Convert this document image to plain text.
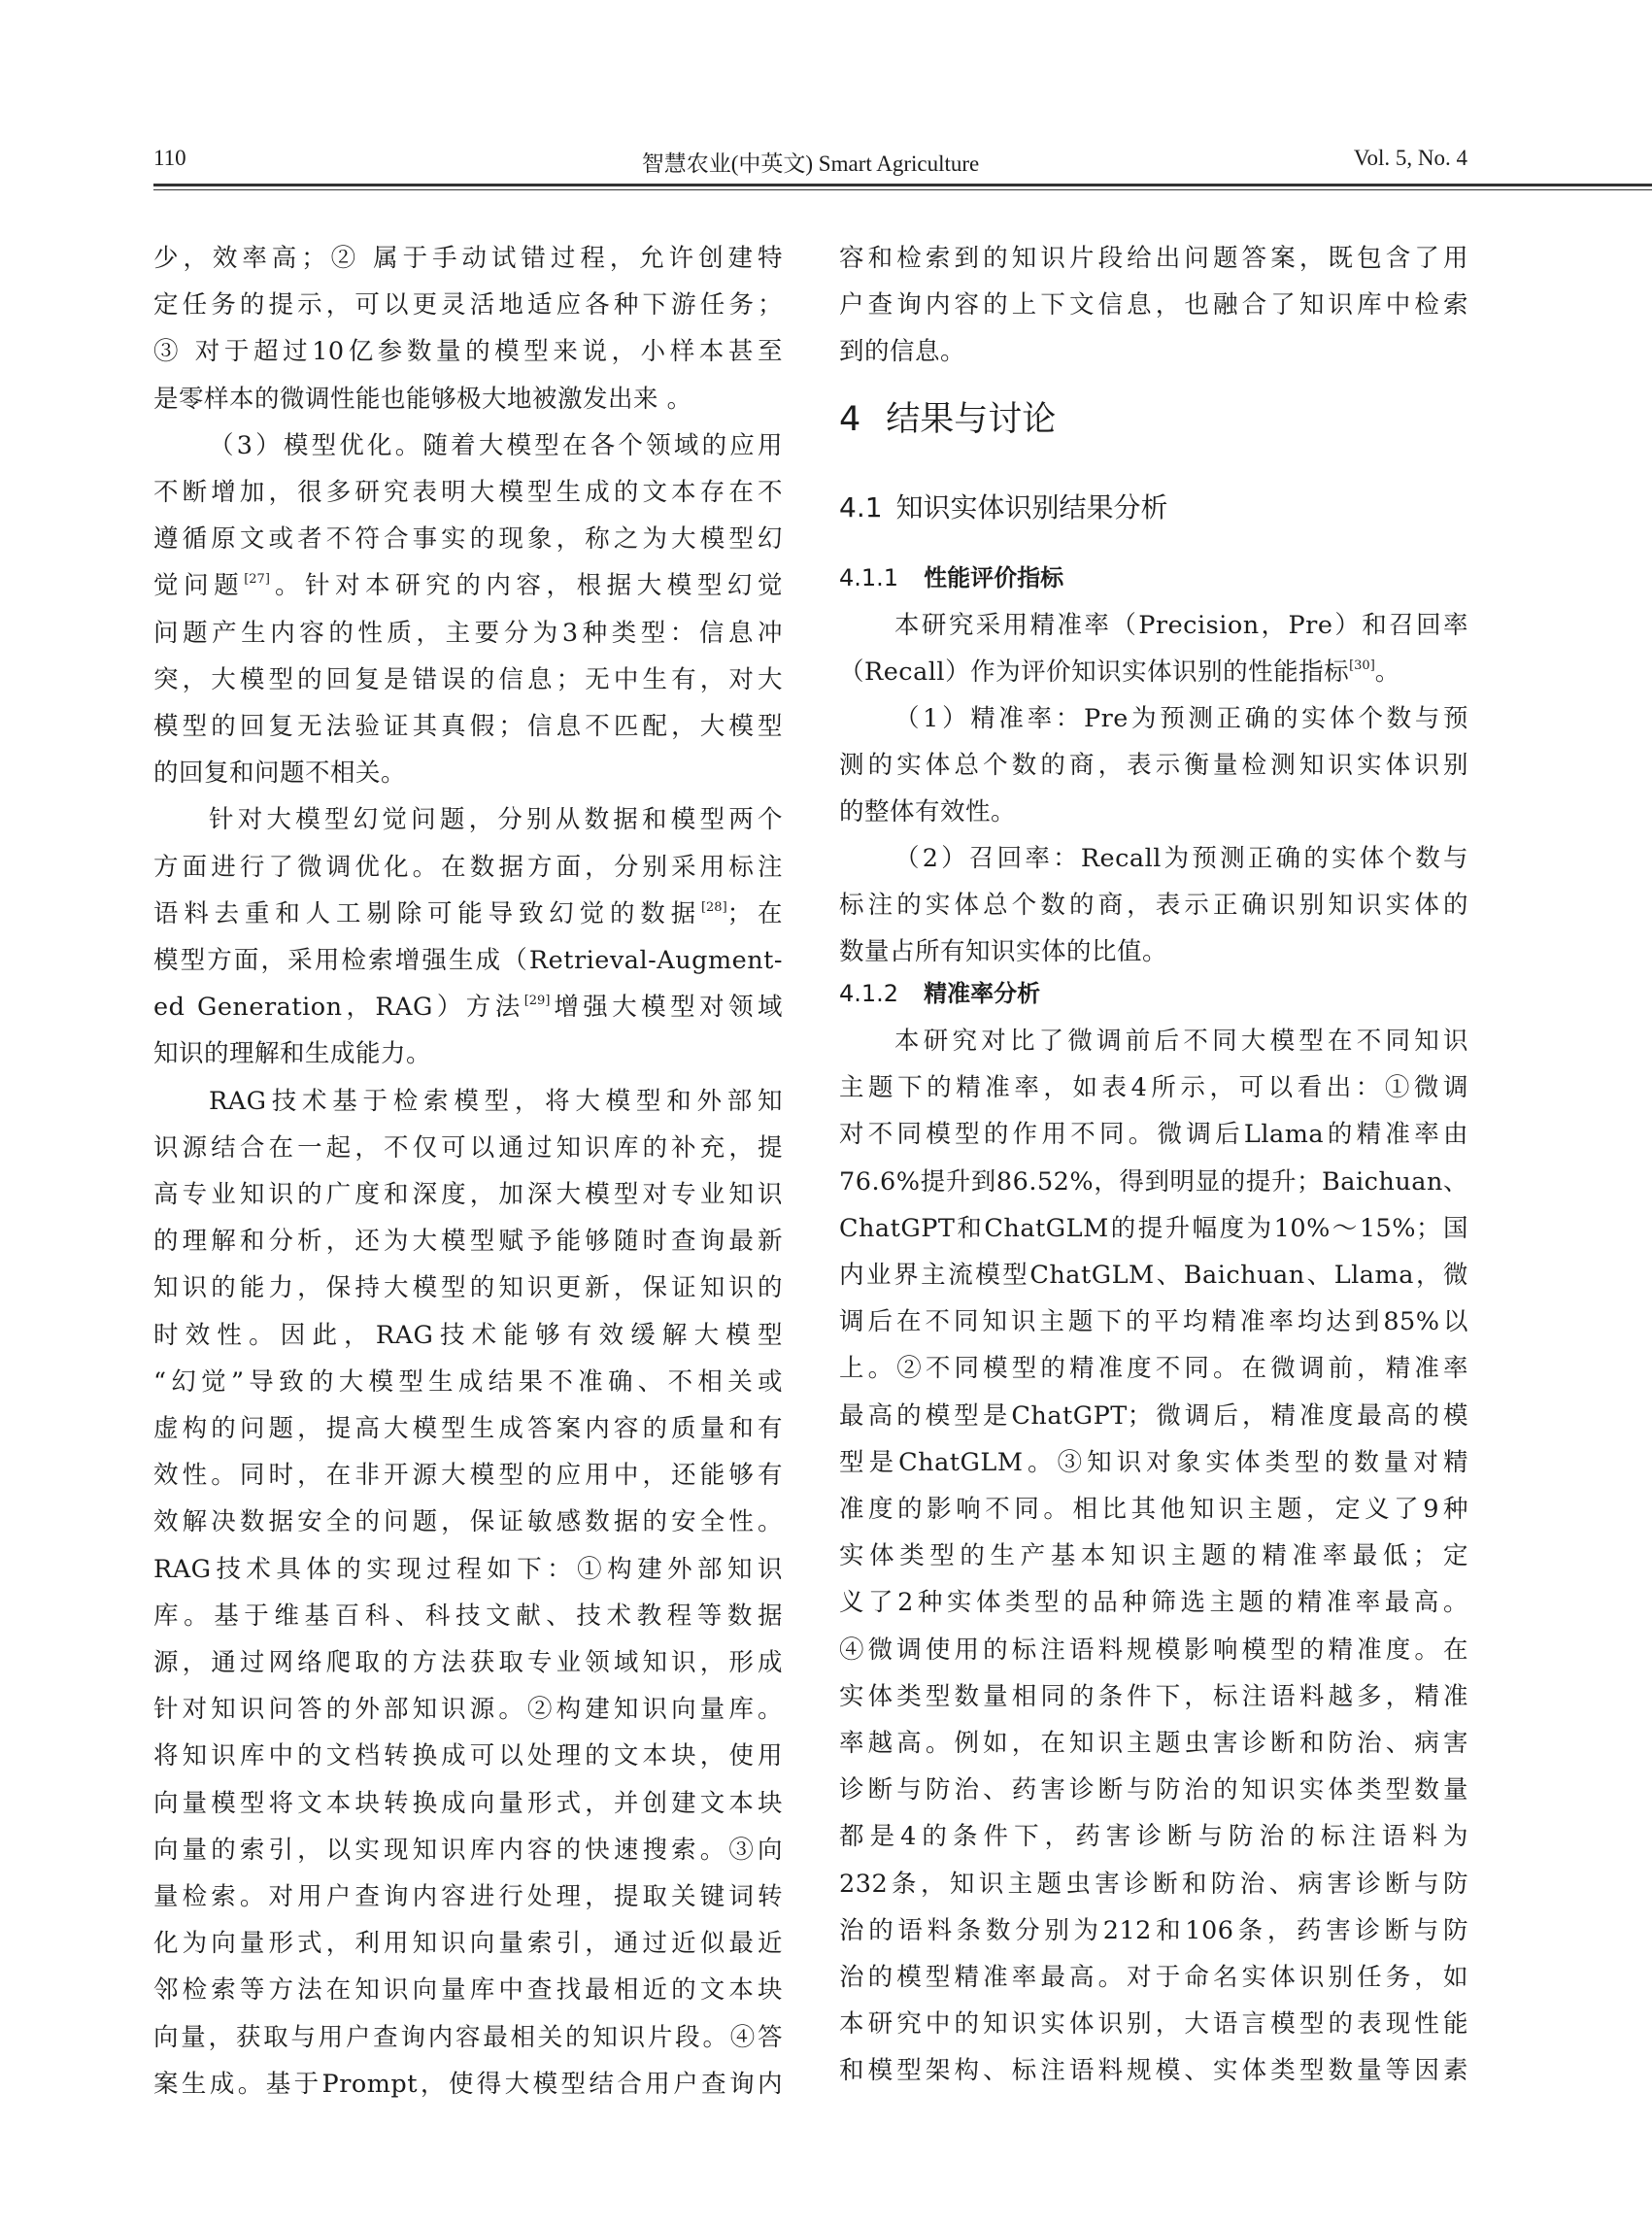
110	智慧农业(中英文) Smart Agriculture	Vol. 5, No. 4
少，效率高；② 属于手动试错过程，允许创建特
定任务的提示，可以更灵活地适应各种下游任务；
③ 对于超过10亿参数量的模型来说，小样本甚至
是零样本的微调性能也能够极大地被激发出来 。
（3）模型优化。随着大模型在各个领域的应用
不断增加，很多研究表明大模型生成的文本存在不
遵循原文或者不符合事实的现象，称之为大模型幻
觉问题[27]。针对本研究的内容，根据大模型幻觉
问题产生内容的性质，主要分为3种类型：信息冲
突，大模型的回复是错误的信息；无中生有，对大
模型的回复无法验证其真假；信息不匹配，大模型
的回复和问题不相关。
针对大模型幻觉问题，分别从数据和模型两个
方面进行了微调优化。在数据方面，分别采用标注
语料去重和人工剔除可能导致幻觉的数据[28]；在
模型方面，采用检索增强生成（Retrieval-Augment-
ed Generation，RAG）方法[29]增强大模型对领域
知识的理解和生成能力。
RAG技术基于检索模型，将大模型和外部知
识源结合在一起，不仅可以通过知识库的补充，提
高专业知识的广度和深度，加深大模型对专业知识
的理解和分析，还为大模型赋予能够随时查询最新
知识的能力，保持大模型的知识更新，保证知识的
时效性。因此，RAG技术能够有效缓解大模型
“幻觉”导致的大模型生成结果不准确、不相关或
虚构的问题，提高大模型生成答案内容的质量和有
效性。同时，在非开源大模型的应用中，还能够有
效解决数据安全的问题，保证敏感数据的安全性。
RAG技术具体的实现过程如下：①构建外部知识
库。基于维基百科、科技文献、技术教程等数据
源，通过网络爬取的方法获取专业领域知识，形成
针对知识问答的外部知识源。②构建知识向量库。
将知识库中的文档转换成可以处理的文本块，使用
向量模型将文本块转换成向量形式，并创建文本块
向量的索引，以实现知识库内容的快速搜索。③向
量检索。对用户查询内容进行处理，提取关键词转
化为向量形式，利用知识向量索引，通过近似最近
邻检索等方法在知识向量库中查找最相近的文本块
向量，获取与用户查询内容最相关的知识片段。④答
案生成。基于Prompt，使得大模型结合用户查询内
容和检索到的知识片段给出问题答案，既包含了用
户查询内容的上下文信息，也融合了知识库中检索
到的信息。
4 结果与讨论
4.1 知识实体识别结果分析
4.1.1 性能评价指标
本研究采用精准率（Precision，Pre）和召回率
（Recall）作为评价知识实体识别的性能指标[30]。
（1）精准率：Pre为预测正确的实体个数与预
测的实体总个数的商，表示衡量检测知识实体识别
的整体有效性。
（2）召回率：Recall为预测正确的实体个数与
标注的实体总个数的商，表示正确识别知识实体的
数量占所有知识实体的比值。
4.1.2 精准率分析
本研究对比了微调前后不同大模型在不同知识
主题下的精准率，如表4所示，可以看出：①微调
对不同模型的作用不同。微调后Llama的精准率由
76.6%提升到86.52%，得到明显的提升；Baichuan、
ChatGPT和ChatGLM的提升幅度为10%～15%；国
内业界主流模型ChatGLM、Baichuan、Llama，微
调后在不同知识主题下的平均精准率均达到85%以
上。②不同模型的精准度不同。在微调前，精准率
最高的模型是ChatGPT；微调后，精准度最高的模
型是ChatGLM。③知识对象实体类型的数量对精
准度的影响不同。相比其他知识主题，定义了9种
实体类型的生产基本知识主题的精准率最低；定
义了2种实体类型的品种筛选主题的精准率最高。
④微调使用的标注语料规模影响模型的精准度。在
实体类型数量相同的条件下，标注语料越多，精准
率越高。例如，在知识主题虫害诊断和防治、病害
诊断与防治、药害诊断与防治的知识实体类型数量
都是4的条件下，药害诊断与防治的标注语料为
232条，知识主题虫害诊断和防治、病害诊断与防
治的语料条数分别为212和106条，药害诊断与防
治的模型精准率最高。对于命名实体识别任务，如
本研究中的知识实体识别，大语言模型的表现性能
和模型架构、标注语料规模、实体类型数量等因素
